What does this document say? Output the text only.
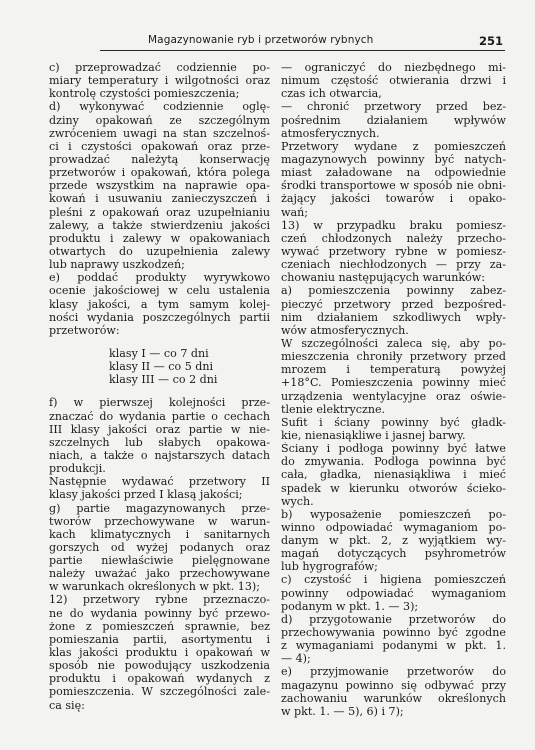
Magazynowanie ryb i przetworów rybnych	251
c) przeprowadzać codziennie po-
miary temperatury i wilgotności oraz
kontrolę czystości pomieszczenia;
d) wykonywać codziennie oglę-
dziny opakowań ze szczególnym
zwróceniem uwagi na stan szczelnoś-
ci i czystości opakowań oraz prze-
prowadzać należytą konserwację
przetworów i opakowań, która polega
przede wszystkim na naprawie opa-
kowań i usuwaniu zanieczyszczeń i
pleśni z opakowań oraz uzupełnianiu
zalewy, a także stwierdzeniu jakości
produktu i zalewy w opakowaniach
otwartych do uzupełnienia zalewy
lub naprawy uszkodzeń;
e) poddać produkty wyrywkowo
ocenie jakościowej w celu ustalenia
klasy jakości, a tym samym kolej-
ności wydania poszczególnych partii
przetworów:
klasy I — co 7 dni
klasy II — co 5 dni
klasy III — co 2 dni
f) w pierwszej kolejności prze-
znaczać do wydania partie o cechach
III klasy jakości oraz partie w nie-
szczelnych lub słabych opakowa-
niach, a także o najstarszych datach
produkcji.
Następnie wydawać przetwory II
klasy jakości przed I klasą jakości;
g) partie magazynowanych prze-
tworów przechowywane w warun-
kach klimatycznych i sanitarnych
gorszych od wyżej podanych oraz
partie niewłaściwie pielęgnowane
należy uważać jako przechowywane
w warunkach określonych w pkt. 13);
12) przetwory rybne przeznaczo-
ne do wydania powinny być przewo-
żone z pomieszczeń sprawnie, bez
pomieszania partii, asortymentu i
klas jakości produktu i opakowań w
sposób nie powodujący uszkodzenia
produktu i opakowań wydanych z
pomieszczenia. W szczególności zale-
ca się:
— ograniczyć do niezbędnego mi-
nimum częstość otwierania drzwi i
czas ich otwarcia,
— chronić przetwory przed bez-
pośrednim działaniem wpływów
atmosferycznych.
Przetwory wydane z pomieszczeń
magazynowych powinny być natych-
miast załadowane na odpowiednie
środki transportowe w sposób nie obni-
żający jakości towarów i opako-
wań;
13) w przypadku braku pomiesz-
czeń chłodzonych należy przecho-
wywać przetwory rybne w pomiesz-
czeniach niechłodzonych — przy za-
chowaniu następujących warunków:
a) pomieszczenia powinny zabez-
pieczyć przetwory przed bezpośred-
nim działaniem szkodliwych wpły-
wów atmosferycznych.
W szczególności zaleca się, aby po-
mieszczenia chroniły przetwory przed
mrozem i temperaturą powyżej
+18°C. Pomieszczenia powinny mieć
urządzenia wentylacyjne oraz oświe-
tlenie elektryczne.
Sufit i ściany powinny być gładk-
kie, nienasiąkliwe i jasnej barwy.
Ściany i podłoga powinny być łatwe
do zmywania. Podłoga powinna być
cała, gładka, nienasiąkliwa i mieć
spadek w kierunku otworów ścieko-
wych.
b) wyposażenie pomieszczeń po-
winno odpowiadać wymaganiom po-
danym w pkt. 2, z wyjątkiem wy-
magań dotyczących psyhrometrów
lub hygrografów;
c) czystość i higiena pomieszczeń
powinny odpowiadać wymaganiom
podanym w pkt. 1. — 3);
d) przygotowanie przetworów do
przechowywania powinno być zgodne
z wymaganiami podanymi w pkt. 1.
— 4);
e) przyjmowanie przetworów do
magazynu powinno się odbywać przy
zachowaniu warunków określonych
w pkt. 1. — 5), 6) i 7);
